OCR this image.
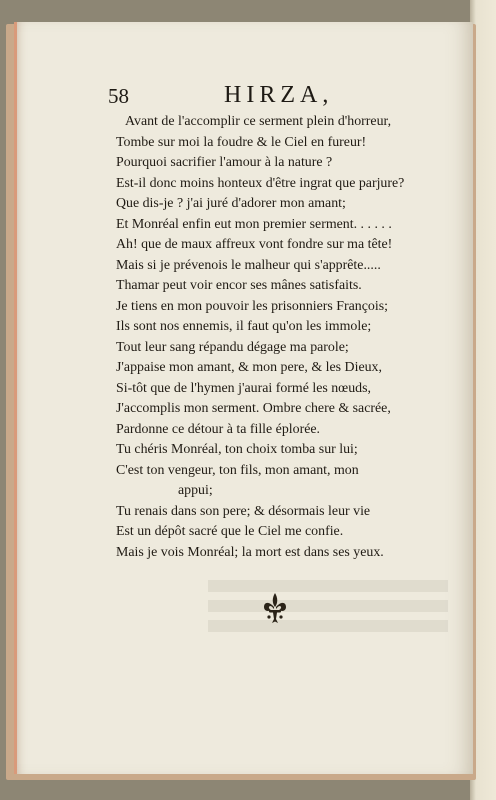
58	HIRZA,
Avant de l'accomplir ce serment plein d'horreur,
Tombe sur moi la foudre & le Ciel en fureur!
Pourquoi sacrifier l'amour à la nature ?
Est-il donc moins honteux d'être ingrat que parjure?
Que dis-je ? j'ai juré d'adorer mon amant;
Et Monréal enfin eut mon premier serment. . . . . .
Ah! que de maux affreux vont fondre sur ma tête!
Mais si je prévenois le malheur qui s'apprête.....
Thamar peut voir encor ses mânes satisfaits.
Je tiens en mon pouvoir les prisonniers François;
Ils sont nos ennemis, il faut qu'on les immole;
Tout leur sang répandu dégage ma parole;
J'appaise mon amant, & mon pere, & les Dieux,
Si-tôt que de l'hymen j'aurai formé les nœuds,
J'accomplis mon serment. Ombre chere & sacrée,
Pardonne ce détour à ta fille éplorée.
Tu chéris Monréal, ton choix tomba sur lui;
C'est ton vengeur, ton fils, mon amant, mon
appui;
Tu renais dans son pere; & désormais leur vie
Est un dépôt sacré que le Ciel me confie.
Mais je vois Monréal; la mort est dans ses yeux.
